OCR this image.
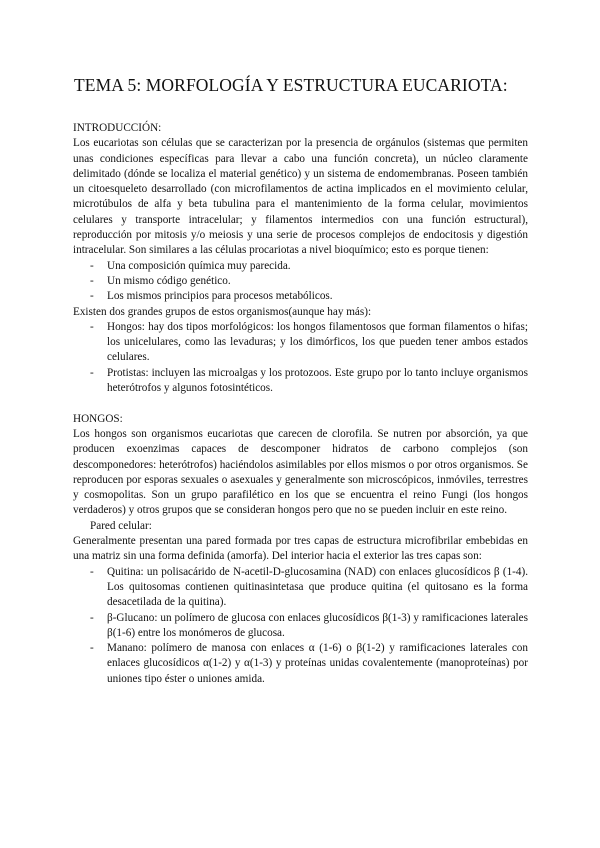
TEMA 5: MORFOLOGÍA Y ESTRUCTURA EUCARIOTA:

INTRODUCCIÓN:

Los eucariotas son células que se caracterizan por la presencia de orgánulos (sistemas que permiten unas condiciones específicas para llevar a cabo una función concreta), un núcleo claramente delimitado (dónde se localiza el material genético) y un sistema de endomembranas. Poseen también un citoesqueleto desarrollado (con microfilamentos de actina implicados en el movimiento celular, microtúbulos de alfa y beta tubulina para el mantenimiento de la forma celular, movimientos celulares y transporte intracelular; y filamentos intermedios con una función estructural), reproducción por mitosis y/o meiosis y una serie de procesos complejos de endocitosis y digestión intracelular. Son similares a las células procariotas a nivel bioquímico; esto es porque tienen:

- Una composición química muy parecida.
- Un mismo código genético.
- Los mismos principios para procesos metabólicos.

Existen dos grandes grupos de estos organismos(aunque hay más):

- Hongos: hay dos tipos morfológicos: los hongos filamentosos que forman filamentos o hifas; los unicelulares, como las levaduras; y los dimórficos, los que pueden tener ambos estados celulares.
- Protistas: incluyen las microalgas y los protozoos. Este grupo por lo tanto incluye organismos heterótrofos y algunos fotosintéticos.

HONGOS:

Los hongos son organismos eucariotas que carecen de clorofila. Se nutren por absorción, ya que producen exoenzimas capaces de descomponer hidratos de carbono complejos (son descomponedores: heterótrofos) haciéndolos asimilables por ellos mismos o por otros organismos. Se reproducen por esporas sexuales o asexuales y generalmente son microscópicos, inmóviles, terrestres y cosmopolitas. Son un grupo parafilético en los que se encuentra el reino Fungi (los hongos verdaderos) y otros grupos que se consideran hongos pero que no se pueden incluir en este reino.

Pared celular:

Generalmente presentan una pared formada por tres capas de estructura microfibrilar embebidas en una matriz sin una forma definida (amorfa). Del interior hacia el exterior las tres capas son:

- Quitina: un polisacárido de N-acetil-D-glucosamina (NAD) con enlaces glucosídicos β (1-4). Los quitosomas contienen quitinasintetasa que produce quitina (el quitosano es la forma desacetilada de la quitina).
- β-Glucano: un polímero de glucosa con enlaces glucosídicos β(1-3) y ramificaciones laterales β(1-6) entre los monómeros de glucosa.
- Manano: polímero de manosa con enlaces α (1-6) o β(1-2) y ramificaciones laterales con enlaces glucosídicos α(1-2) y α(1-3) y proteínas unidas covalentemente (manoproteínas) por uniones tipo éster o uniones amida.
